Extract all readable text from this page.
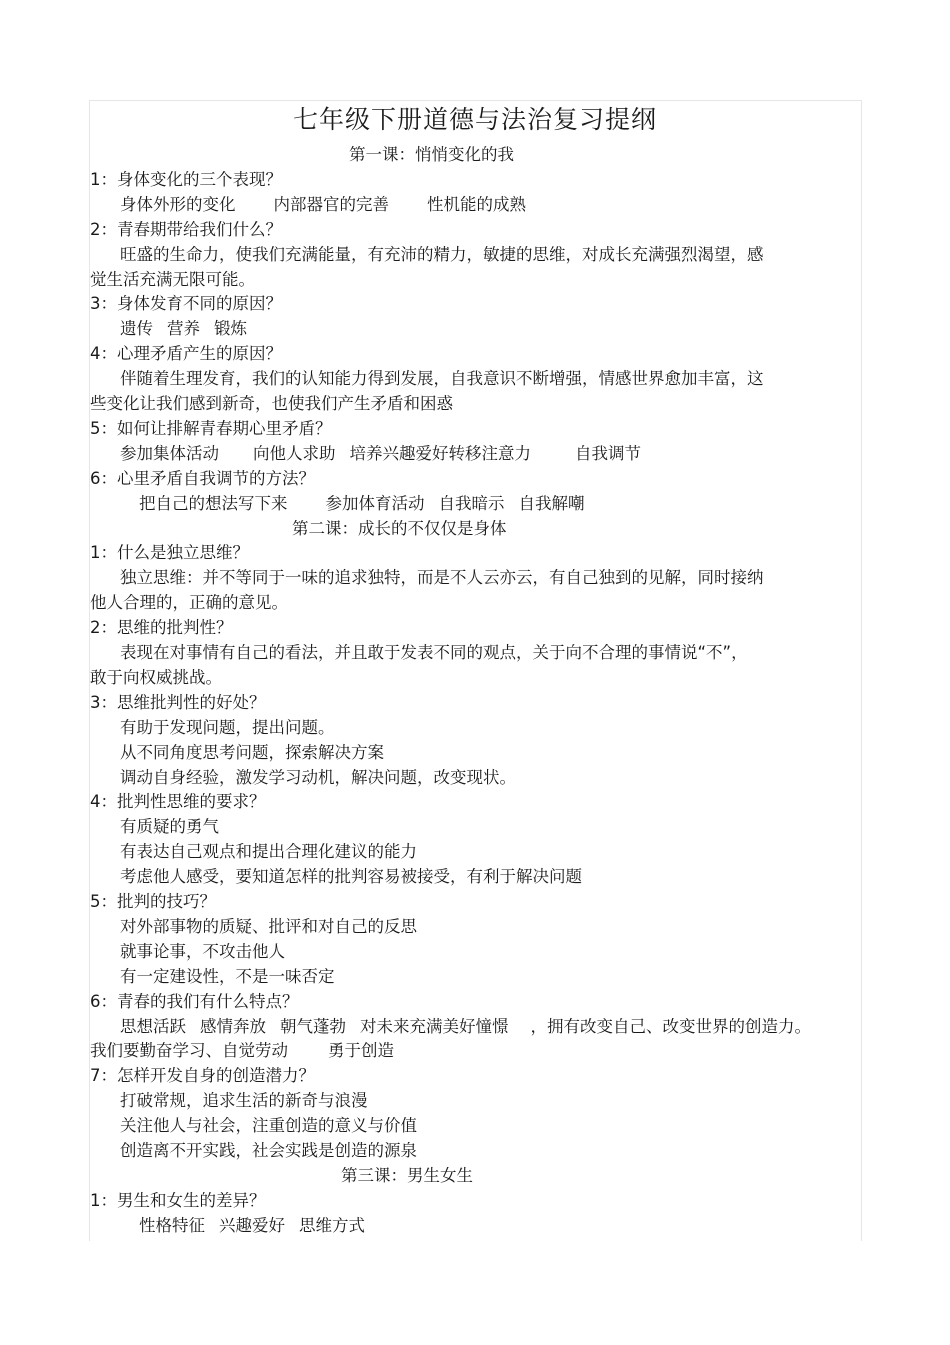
七年级下册道德与法治复习提纲
第一课：悄悄变化的我
1：身体变化的三个表现？
身体外形的变化 内部器官的完善 性机能的成熟
2：青春期带给我们什么？
旺盛的生命力，使我们充满能量，有充沛的精力，敏捷的思维，对成长充满强烈渴望，感
觉生活充满无限可能。
3：身体发育不同的原因？
遗传 营养 锻炼
4：心理矛盾产生的原因？
伴随着生理发育，我们的认知能力得到发展，自我意识不断增强，情感世界愈加丰富，这
些变化让我们感到新奇，也使我们产生矛盾和困惑
5：如何让排解青春期心里矛盾？
参加集体活动 向他人求助 培养兴趣爱好转移注意力	自我调节
6：心里矛盾自我调节的方法？
把自己的想法写下来 参加体育活动 自我暗示 自我解嘲
第二课：成长的不仅仅是身体
1：什么是独立思维？
独立思维：并不等同于一味的追求独特，而是不人云亦云，有自己独到的见解，同时接纳
他人合理的，正确的意见。
2：思维的批判性？
表现在对事情有自己的看法，并且敢于发表不同的观点，关于向不合理的事情说“不”，
敢于向权威挑战。
3：思维批判性的好处？
有助于发现问题，提出问题。
从不同角度思考问题，探索解决方案
调动自身经验，激发学习动机，解决问题，改变现状。
4：批判性思维的要求？
有质疑的勇气
有表达自己观点和提出合理化建议的能力
考虑他人感受，要知道怎样的批判容易被接受，有利于解决问题
5：批判的技巧？
对外部事物的质疑、批评和对自己的反思
就事论事，不攻击他人
有一定建设性，不是一味否定
6：青春的我们有什么特点？
思想活跃 感情奔放 朝气蓬勃 对未来充满美好憧憬 ，拥有改变自己、改变世界的创造力。
我们要勤奋学习、自觉劳动 勇于创造
7：怎样开发自身的创造潜力？
打破常规，追求生活的新奇与浪漫
关注他人与社会，注重创造的意义与价值
创造离不开实践，社会实践是创造的源泉
第三课：男生女生
1：男生和女生的差异？
性格特征 兴趣爱好 思维方式
